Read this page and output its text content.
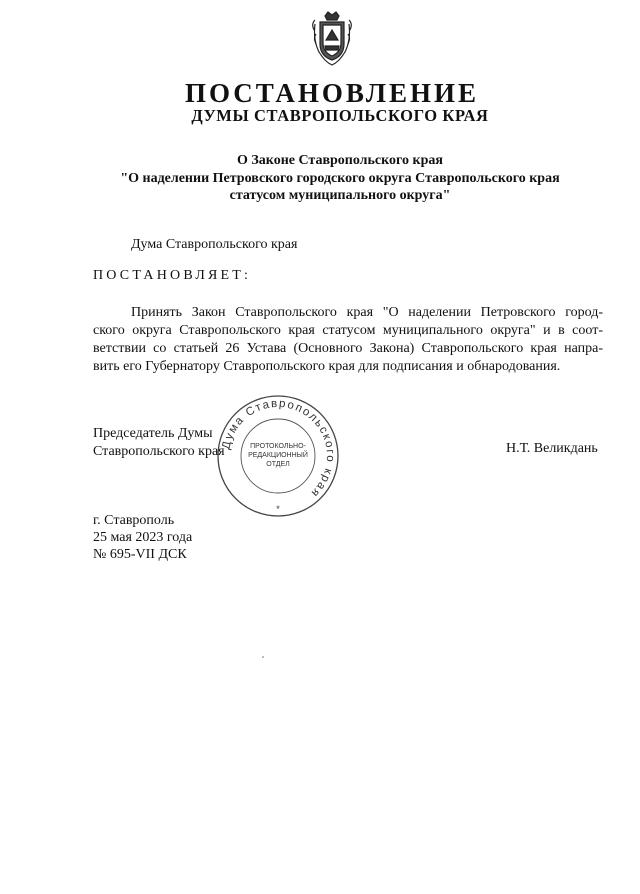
ПОСТАНОВЛЕНИЕ
ДУМЫ СТАВРОПОЛЬСКОГО КРАЯ
О Законе Ставропольского края
"О наделении Петровского городского округа Ставропольского края
статусом муниципального округа"
Дума Ставропольского края
ПОСТАНОВЛЯЕТ:
Принять Закон Ставропольского края "О наделении Петровского город-
ского округа Ставропольского края статусом муниципального округа" и в соот-
ветствии со статьей 26 Устава (Основного Закона) Ставропольского края напра-
вить его Губернатору Ставропольского края для подписания и обнародования.
Председатель Думы
Ставропольского края	Н.Т. Великдань
Дума Ставропольского края
ПРОТОКОЛЬНО-
РЕДАКЦИОННЫЙ
ОТДЕЛ
*
г. Ставрополь
25 мая 2023 года
№ 695-VII ДСК
